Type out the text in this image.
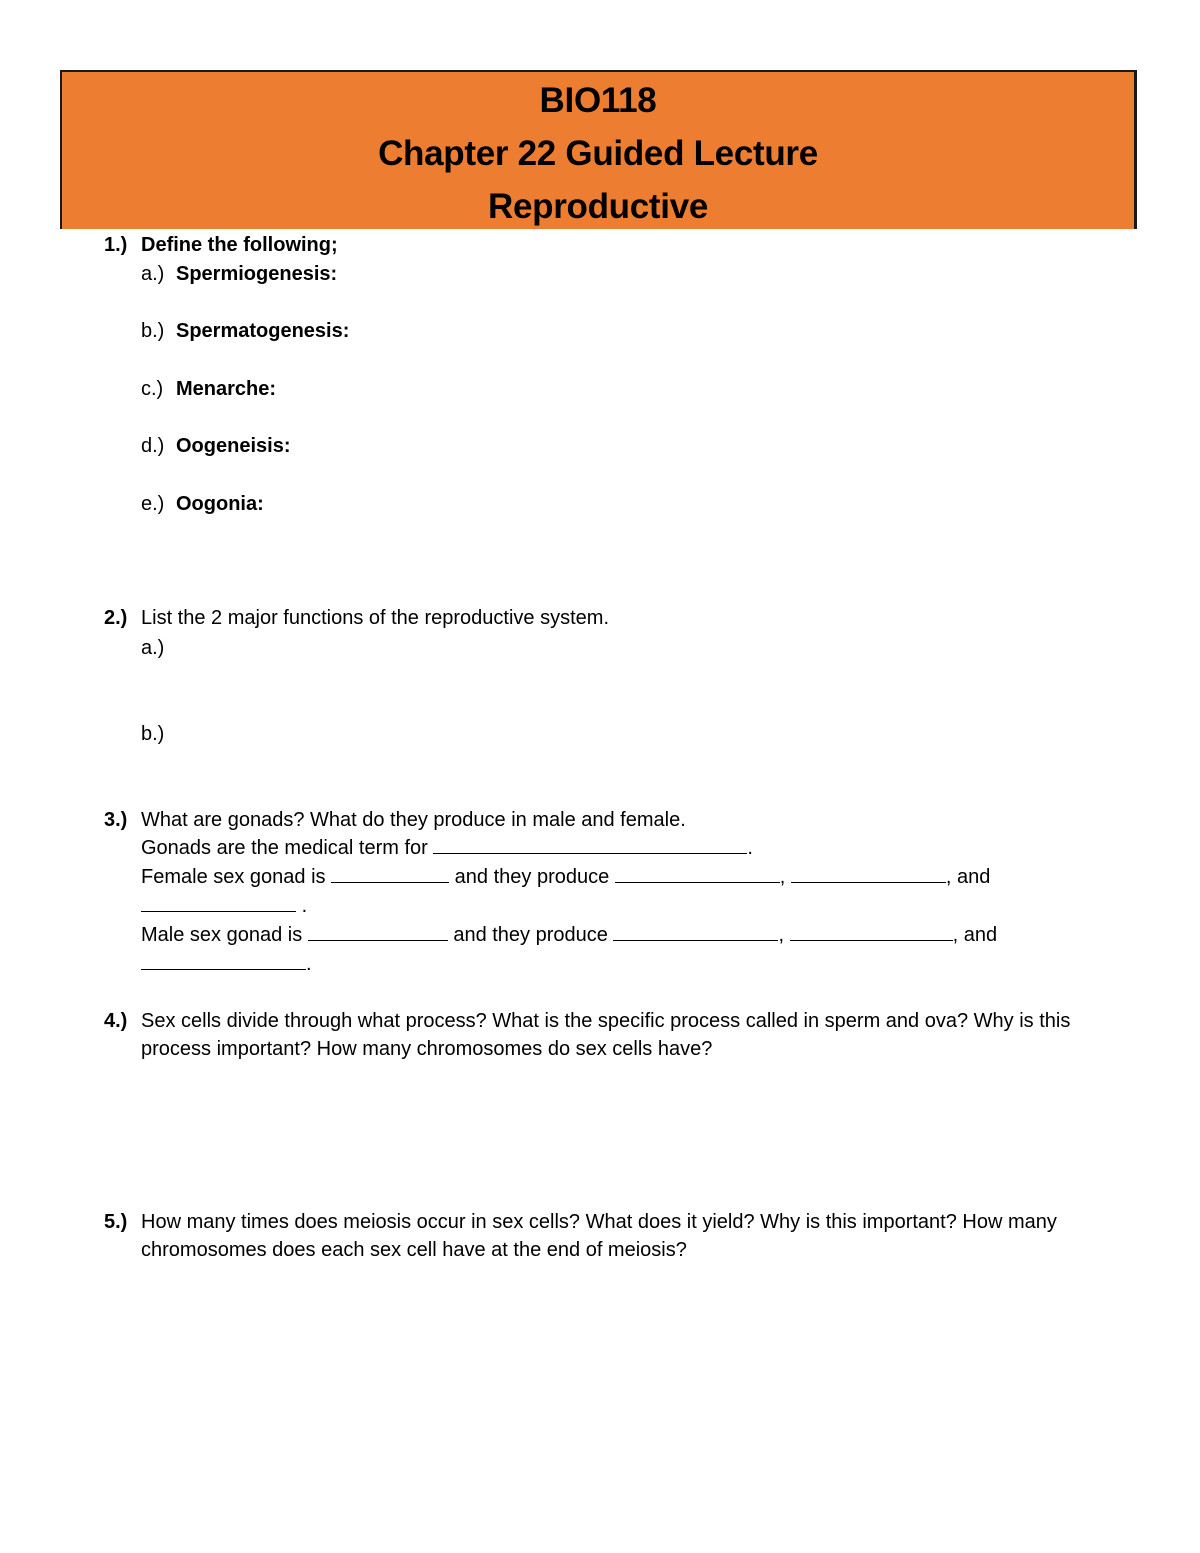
BIO118
Chapter 22 Guided Lecture
Reproductive
1.) Define the following;
a.) Spermiogenesis:
b.) Spermatogenesis:
c.) Menarche:
d.) Oogeneisis:
e.) Oogonia:
2.) List the 2 major functions of the reproductive system.
a.)
b.)
3.) What are gonads? What do they produce in male and female.
Gonads are the medical term for	.
Female sex gonad is	and they produce	,	, and
.
Male sex gonad is	and they produce	,	, and
.
4.) Sex cells divide through what process? What is the specific process called in sperm and ova? Why is this
process important? How many chromosomes do sex cells have?
5.) How many times does meiosis occur in sex cells? What does it yield? Why is this important? How many
chromosomes does each sex cell have at the end of meiosis?
